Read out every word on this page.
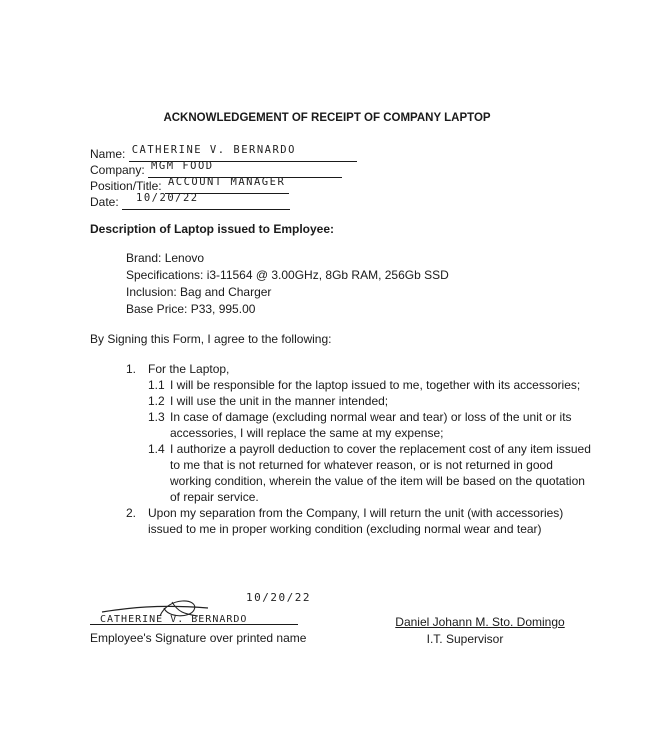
ACKNOWLEDGEMENT OF RECEIPT OF COMPANY LAPTOP
Name: CATHERINE V. BERNARDO
Company: MGM FOOD
Position/Title: ACCOUNT MANAGER
Date: 10/20/22
Description of Laptop issued to Employee:
Brand: Lenovo
Specifications: i3-11564 @ 3.00GHz, 8Gb RAM, 256Gb SSD
Inclusion: Bag and Charger
Base Price: P33, 995.00
By Signing this Form, I agree to the following:
1. For the Laptop,
1.1 I will be responsible for the laptop issued to me, together with its accessories;
1.2 I will use the unit in the manner intended;
1.3 In case of damage (excluding normal wear and tear) or loss of the unit or its accessories, I will replace the same at my expense;
1.4 I authorize a payroll deduction to cover the replacement cost of any item issued to me that is not returned for whatever reason, or is not returned in good working condition, wherein the value of the item will be based on the quotation of repair service.
2. Upon my separation from the Company, I will return the unit (with accessories) issued to me in proper working condition (excluding normal wear and tear)
10/20/22
CATHERINE V. BERNARDO
Employee's Signature over printed name
Daniel Johann M. Sto. Domingo
I.T. Supervisor
